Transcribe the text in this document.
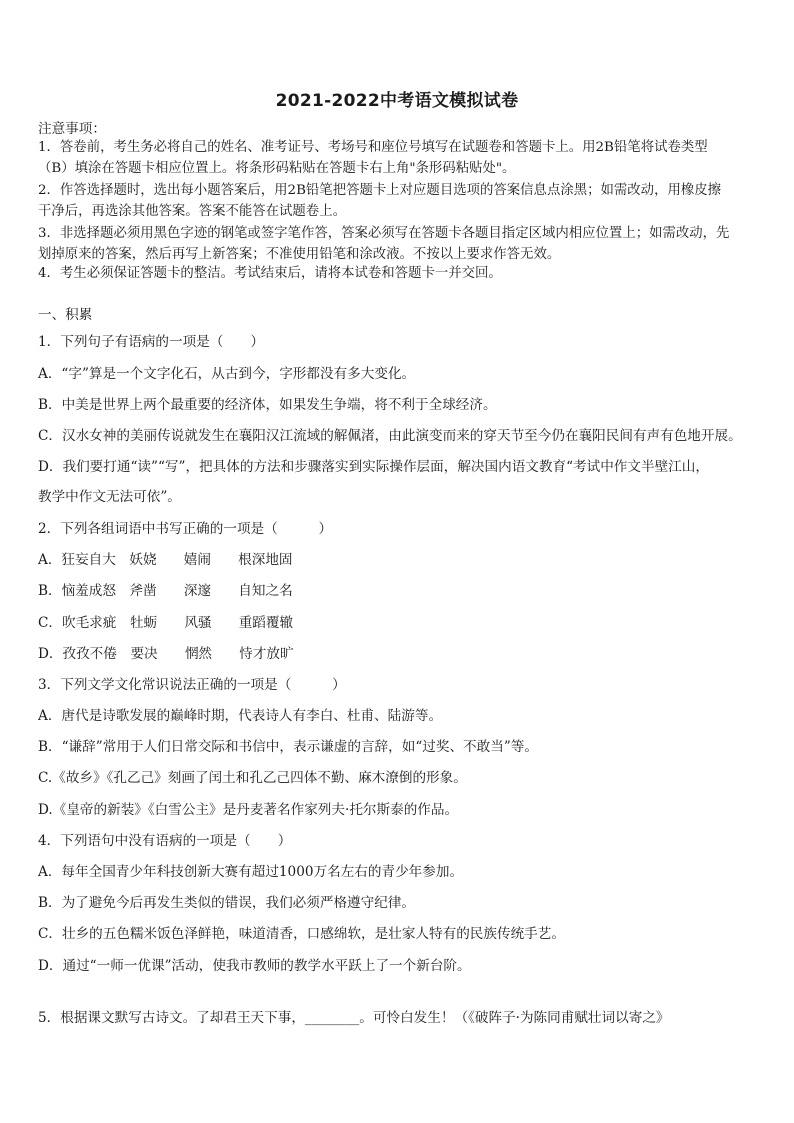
2021-2022中考语文模拟试卷
注意事项：
1．答卷前，考生务必将自己的姓名、准考证号、考场号和座位号填写在试题卷和答题卡上。用2B铅笔将试卷类型
（B）填涂在答题卡相应位置上。将条形码粘贴在答题卡右上角"条形码粘贴处"。
2．作答选择题时，选出每小题答案后，用2B铅笔把答题卡上对应题目选项的答案信息点涂黑；如需改动，用橡皮擦
干净后，再选涂其他答案。答案不能答在试题卷上。
3．非选择题必须用黑色字迹的钢笔或签字笔作答，答案必须写在答题卡各题目指定区域内相应位置上；如需改动，先
划掉原来的答案，然后再写上新答案；不准使用铅笔和涂改液。不按以上要求作答无效。
4．考生必须保证答题卡的整洁。考试结束后，请将本试卷和答题卡一并交回。
一、积累
1．下列句子有语病的一项是（　　）
A．“字”算是一个文字化石，从古到今，字形都没有多大变化。
B．中美是世界上两个最重要的经济体，如果发生争端，将不利于全球经济。
C．汉水女神的美丽传说就发生在襄阳汉江流域的解佩渚，由此演变而来的穿天节至今仍在襄阳民间有声有色地开展。
D．我们要打通“读”“写”，把具体的方法和步骤落实到实际操作层面，解决国内语文教育“考试中作文半壁江山，
教学中作文无法可依”。
2．下列各组词语中书写正确的一项是（　　　）
A．狂妄自大　妖娆　　嬉闹　　根深地固
B．恼羞成怒　斧凿　　深邃　　自知之名
C．吹毛求疵　牡蛎　　风骚　　重蹈覆辙
D．孜孜不倦　要决　　惘然　　恃才放旷
3．下列文学文化常识说法正确的一项是（　　　）
A．唐代是诗歌发展的巅峰时期，代表诗人有李白、杜甫、陆游等。
B．“谦辞”常用于人们日常交际和书信中，表示谦虚的言辞，如“过奖、不敢当”等。
C.《故乡》《孔乙己》刻画了闰土和孔乙己四体不勤、麻木潦倒的形象。
D.《皇帝的新装》《白雪公主》是丹麦著名作家列夫·托尔斯泰的作品。
4．下列语句中没有语病的一项是（　　）
A．每年全国青少年科技创新大赛有超过1000万名左右的青少年参加。
B．为了避免今后再发生类似的错误，我们必须严格遵守纪律。
C．壮乡的五色糯米饭色泽鲜艳，味道清香，口感绵软，是壮家人特有的民族传统手艺。
D．通过“一师一优课”活动，使我市教师的教学水平跃上了一个新台阶。
5．根据课文默写古诗文。了却君王天下事，________。可怜白发生！（《破阵子·为陈同甫赋壮词以寄之》
